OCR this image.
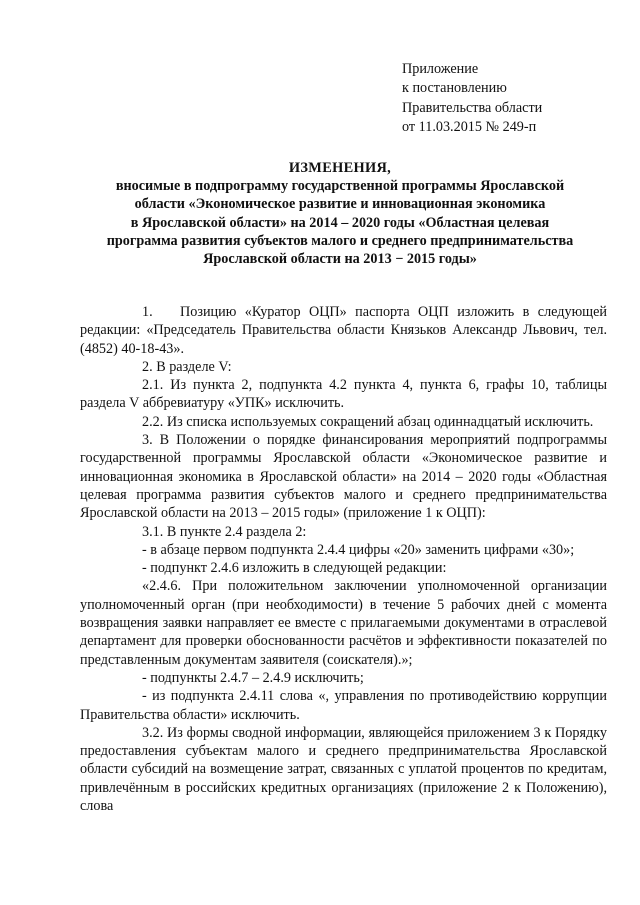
Приложение
к постановлению
Правительства области
от 11.03.2015 № 249-п
ИЗМЕНЕНИЯ,
вносимые в подпрограмму государственной программы Ярославской
области «Экономическое развитие и инновационная экономика
в Ярославской области» на 2014 – 2020 годы «Областная целевая
программа развития субъектов малого и среднего предпринимательства
Ярославской области на 2013 − 2015 годы»

1. Позицию «Куратор ОЦП» паспорта ОЦП изложить в следующей редакции: «Председатель Правительства области Князьков Александр Львович, тел. (4852) 40-18-43».

2. В разделе V:

2.1. Из пункта 2, подпункта 4.2 пункта 4, пункта 6, графы 10, таблицы раздела V аббревиатуру «УПК» исключить.

2.2. Из списка используемых сокращений абзац одиннадцатый исключить.

3. В Положении о порядке финансирования мероприятий подпрограммы государственной программы Ярославской области «Экономическое развитие и инновационная экономика в Ярославской области» на 2014 – 2020 годы «Областная целевая программа развития субъектов малого и среднего предпринимательства Ярославской области на 2013 – 2015 годы» (приложение 1 к ОЦП):

3.1. В пункте 2.4 раздела 2:

- в абзаце первом подпункта 2.4.4 цифры «20» заменить цифрами «30»;

- подпункт 2.4.6 изложить в следующей редакции:

«2.4.6. При положительном заключении уполномоченной организации уполномоченный орган (при необходимости) в течение 5 рабочих дней с момента возвращения заявки направляет ее вместе с прилагаемыми документами в отраслевой департамент для проверки обоснованности расчётов и эффективности показателей по представленным документам заявителя (соискателя).»;

- подпункты 2.4.7 – 2.4.9 исключить;

- из подпункта 2.4.11 слова «, управления по противодействию коррупции Правительства области» исключить.

3.2. Из формы сводной информации, являющейся приложением 3 к Порядку предоставления субъектам малого и среднего предпринимательства Ярославской области субсидий на возмещение затрат, связанных с уплатой процентов по кредитам, привлечённым в российских кредитных организациях (приложение 2 к Положению), слова
